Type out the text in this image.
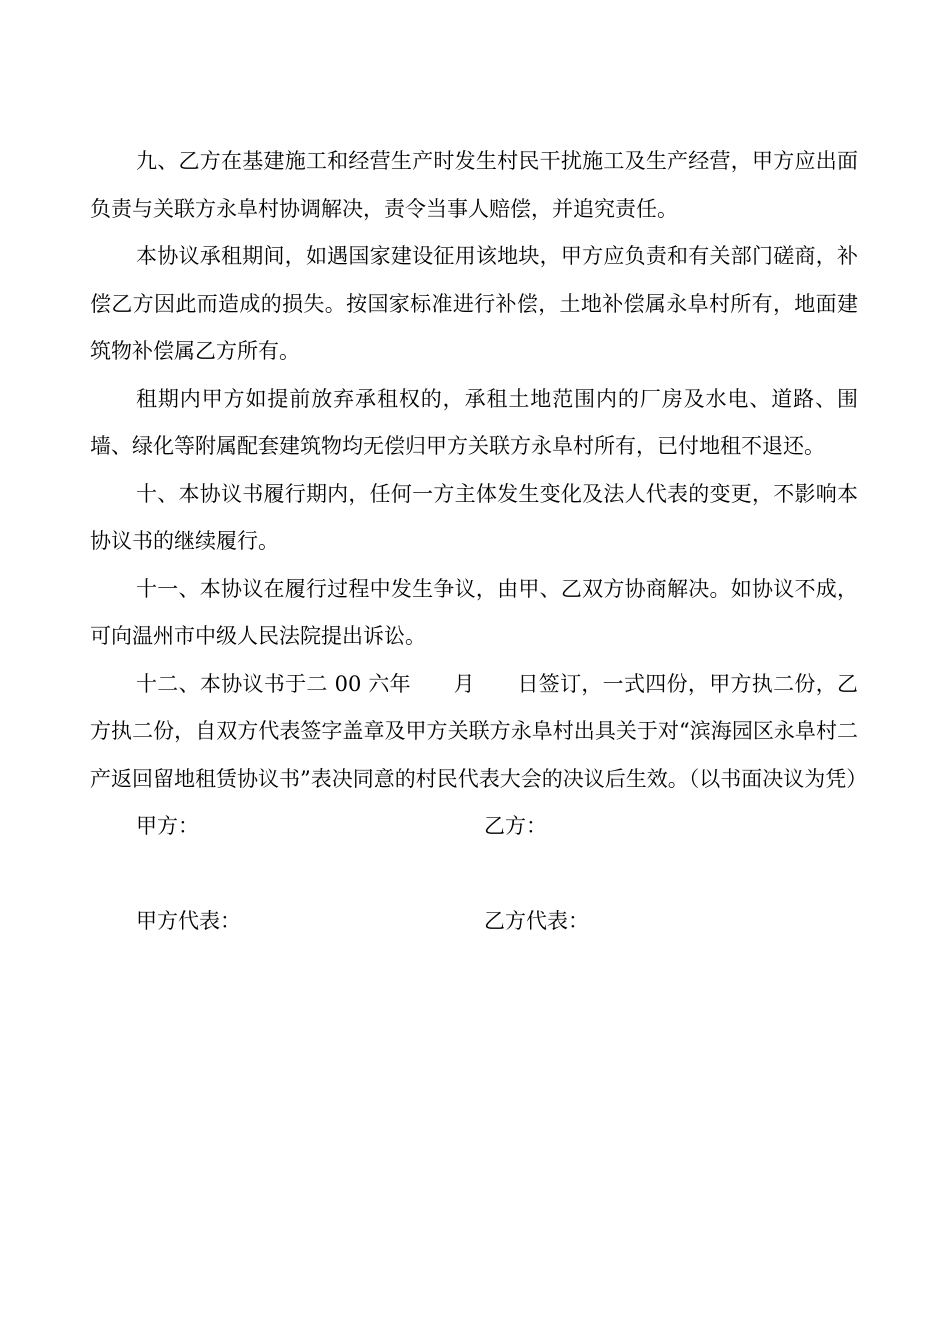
九、乙方在基建施工和经营生产时发生村民干扰施工及生产经营，甲方应出面负责与关联方永阜村协调解决，责令当事人赔偿，并追究责任。

本协议承租期间，如遇国家建设征用该地块，甲方应负责和有关部门磋商，补偿乙方因此而造成的损失。按国家标准进行补偿，土地补偿属永阜村所有，地面建筑物补偿属乙方所有。

租期内甲方如提前放弃承租权的，承租土地范围内的厂房及水电、道路、围墙、绿化等附属配套建筑物均无偿归甲方关联方永阜村所有，已付地租不退还。

十、本协议书履行期内，任何一方主体发生变化及法人代表的变更，不影响本协议书的继续履行。

十一、本协议在履行过程中发生争议，由甲、乙双方协商解决。如协议不成，可向温州市中级人民法院提出诉讼。

十二、本协议书于二 00 六年　　月　　日签订，一式四份，甲方执二份，乙方执二份，自双方代表签字盖章及甲方关联方永阜村出具关于对“滨海园区永阜村二产返回留地租赁协议书”表决同意的村民代表大会的决议后生效。（以书面决议为凭）

甲方：	乙方：
甲方代表：	乙方代表：
